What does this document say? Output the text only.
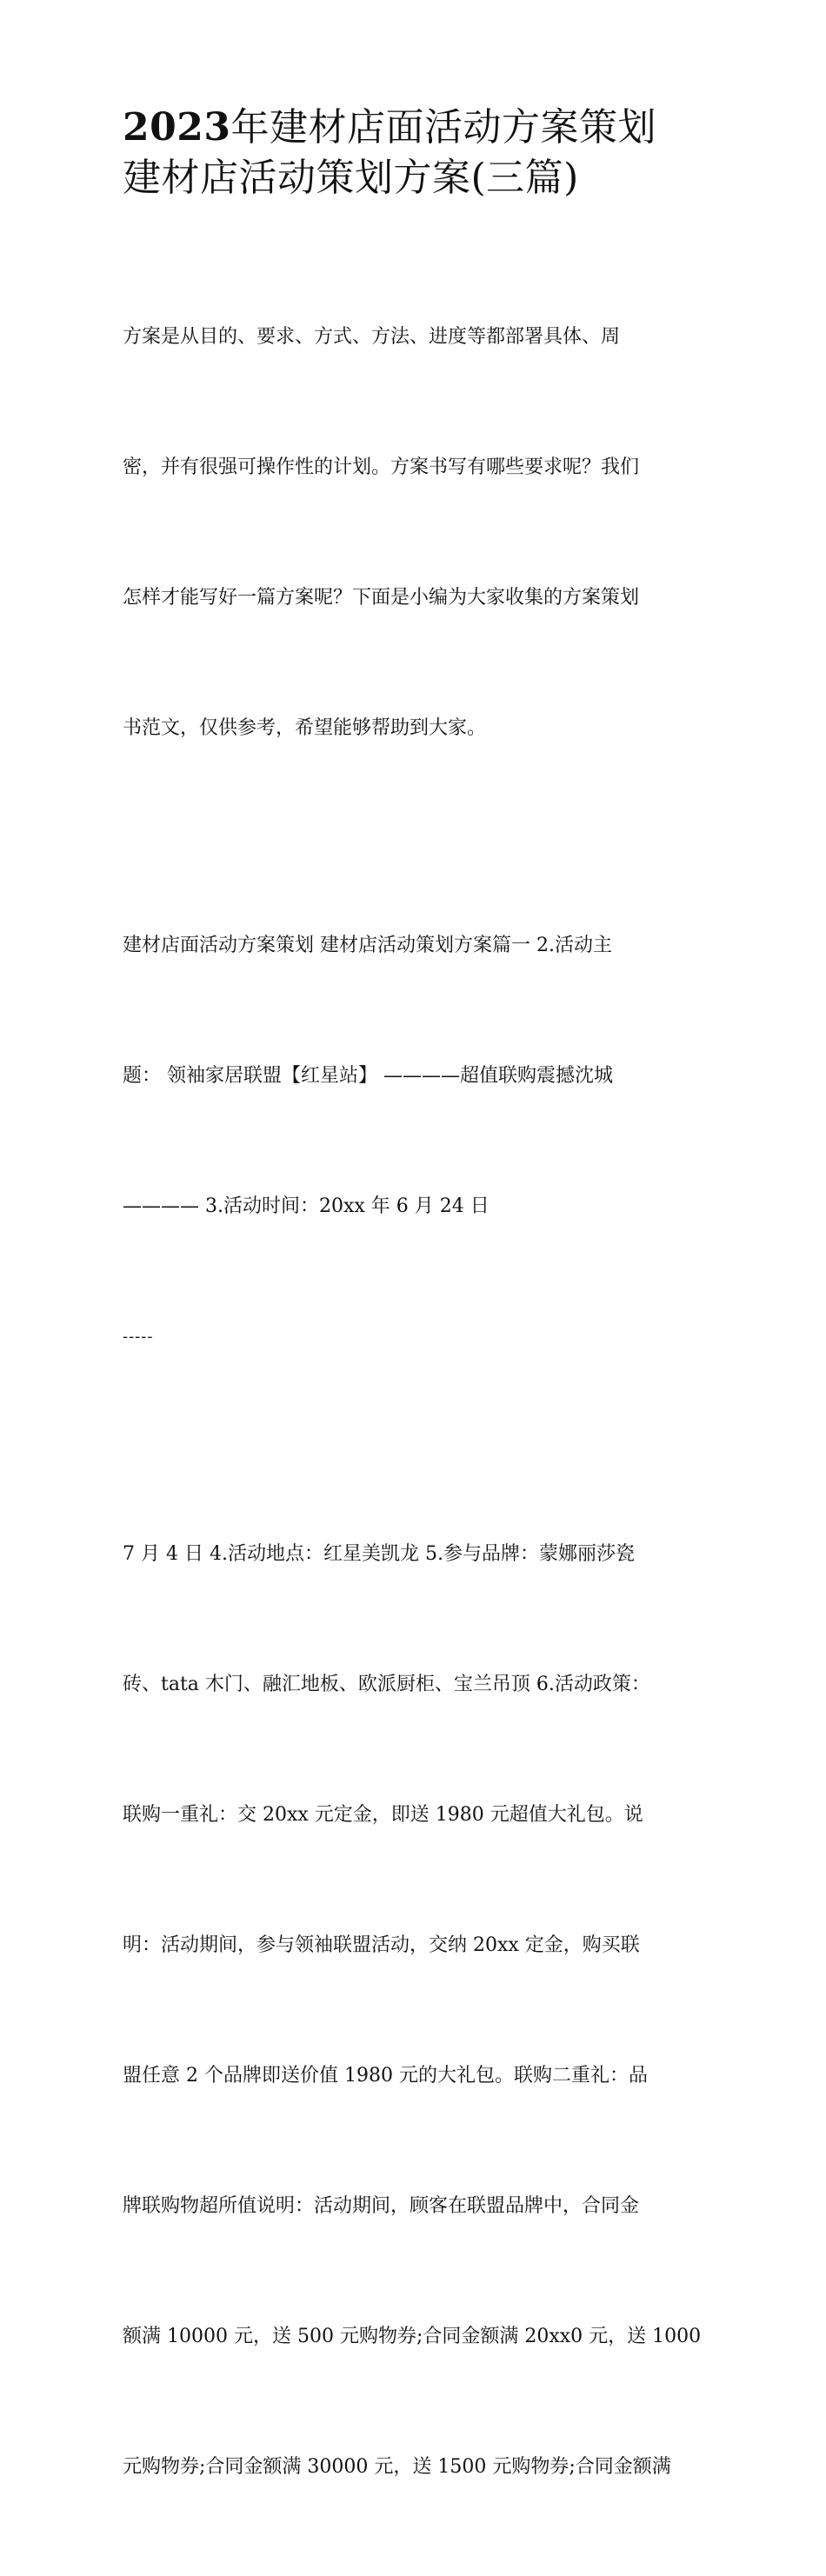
2023年建材店面活动方案策划
建材店活动策划方案(三篇)

方案是从目的、要求、方式、方法、进度等都部署具体、周

密，并有很强可操作性的计划。方案书写有哪些要求呢？我们

怎样才能写好一篇方案呢？下面是小编为大家收集的方案策划

书范文，仅供参考，希望能够帮助到大家。

建材店面活动方案策划 建材店活动策划方案篇一 2.活动主

题： 领袖家居联盟【红星站】 ————超值联购震撼沈城

———— 3.活动时间：20xx 年 6 月 24 日

-----

7 月 4 日 4.活动地点：红星美凯龙 5.参与品牌：蒙娜丽莎瓷

砖、tata 木门、融汇地板、欧派厨柜、宝兰吊顶 6.活动政策：

联购一重礼：交 20xx 元定金，即送 1980 元超值大礼包。说

明：活动期间，参与领袖联盟活动，交纳 20xx 定金，购买联

盟任意 2 个品牌即送价值 1980 元的大礼包。联购二重礼：品

牌联购物超所值说明：活动期间，顾客在联盟品牌中，合同金

额满 10000 元，送 500 元购物券;合同金额满 20xx0 元，送 1000

元购物券;合同金额满 30000 元，送 1500 元购物券;合同金额满
